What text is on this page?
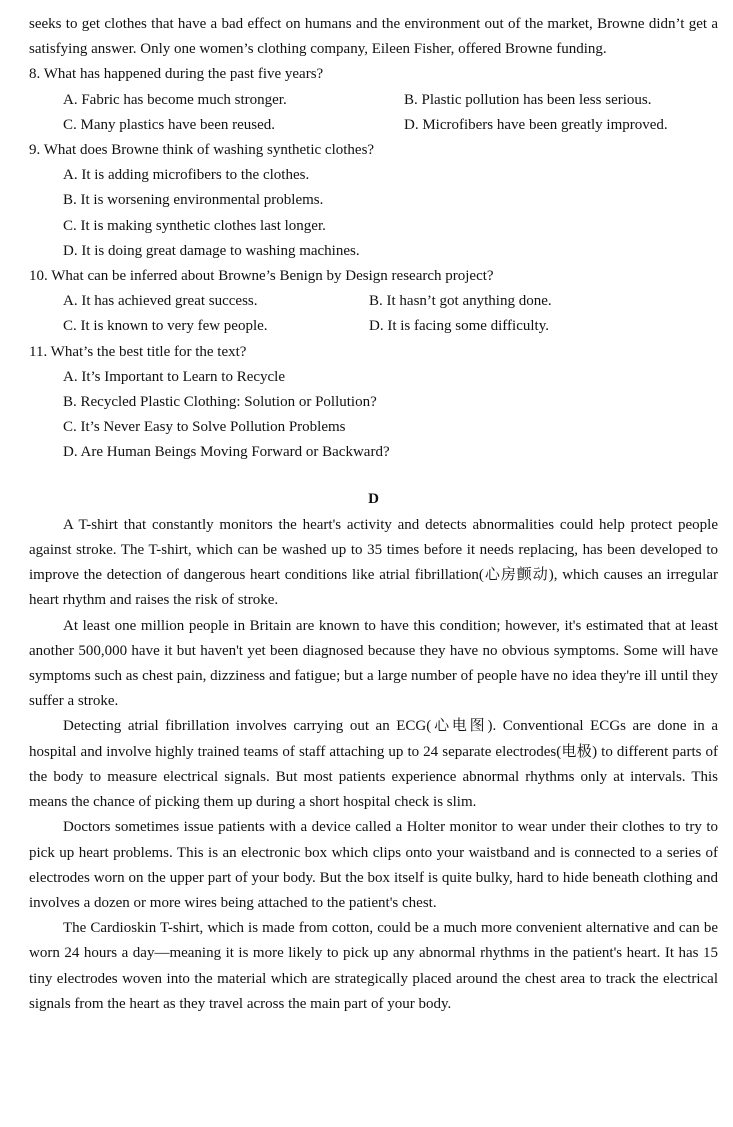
seeks to get clothes that have a bad effect on humans and the environment out of the market, Browne didn’t get a satisfying answer. Only one women’s clothing company, Eileen Fisher, offered Browne funding.

8. What has happened during the past five years?
A. Fabric has become much stronger.	B. Plastic pollution has been less serious.
C. Many plastics have been reused.	D. Microfibers have been greatly improved.
9. What does Browne think of washing synthetic clothes?
A. It is adding microfibers to the clothes.
B. It is worsening environmental problems.
C. It is making synthetic clothes last longer.
D. It is doing great damage to washing machines.
10. What can be inferred about Browne’s Benign by Design research project?
A. It has achieved great success.	B. It hasn’t got anything done.
C. It is known to very few people.	D. It is facing some difficulty.
11. What’s the best title for the text?
A. It’s Important to Learn to Recycle
B. Recycled Plastic Clothing: Solution or Pollution?
C. It’s Never Easy to Solve Pollution Problems
D. Are Human Beings Moving Forward or Backward?
D

A T-shirt that constantly monitors the heart's activity and detects abnormalities could help protect people against stroke. The T-shirt, which can be washed up to 35 times before it needs replacing, has been developed to improve the detection of dangerous heart conditions like atrial fibrillation(心房颤动), which causes an irregular heart rhythm and raises the risk of stroke.

At least one million people in Britain are known to have this condition; however, it's estimated that at least another 500,000 have it but haven't yet been diagnosed because they have no obvious symptoms. Some will have symptoms such as chest pain, dizziness and fatigue; but a large number of people have no idea they're ill until they suffer a stroke.

Detecting atrial fibrillation involves carrying out an ECG(心电图). Conventional ECGs are done in a hospital and involve highly trained teams of staff attaching up to 24 separate electrodes(电极) to different parts of the body to measure electrical signals. But most patients experience abnormal rhythms only at intervals. This means the chance of picking them up during a short hospital check is slim.

Doctors sometimes issue patients with a device called a Holter monitor to wear under their clothes to try to pick up heart problems. This is an electronic box which clips onto your waistband and is connected to a series of electrodes worn on the upper part of your body. But the box itself is quite bulky, hard to hide beneath clothing and involves a dozen or more wires being attached to the patient's chest.

The Cardioskin T-shirt, which is made from cotton, could be a much more convenient alternative and can be worn 24 hours a day—meaning it is more likely to pick up any abnormal rhythms in the patient's heart. It has 15 tiny electrodes woven into the material which are strategically placed around the chest area to track the electrical signals from the heart as they travel across the main part of your body.
